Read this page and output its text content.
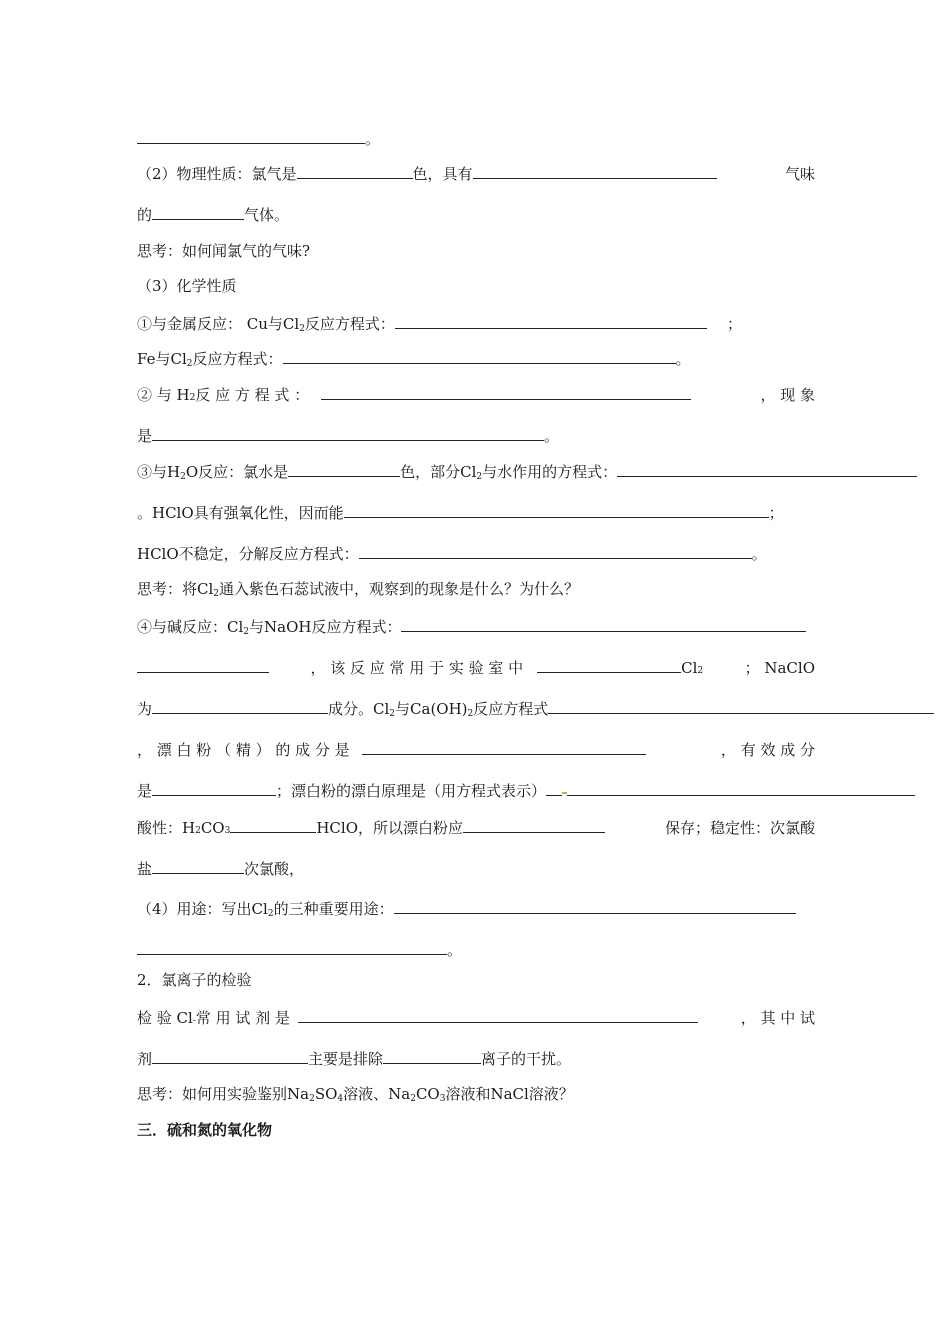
。
（2）物理性质：氯气是	色，具有	气味
的	气体。
思考：如何闻氯气的气味?
（3）化学性质
①与金属反应： Cu与$Cl_2$反应方程式：	；
Fe与$Cl_2$反应方程式：	。
② 与 H 2 反 应 方 程 式 ：	， 现 象
是	。
③与$H_2O$反应：氯水是	色，部分$Cl_2$与水作用的方程式：
。HClO具有强氧化性，因而能	；
HClO不稳定，分解反应方程式：	。
思考：将$Cl_2$通入紫色石蕊试液中，观察到的现象是什么？为什么？
④与碱反应：$Cl_2$与NaOH反应方程式：
， 该 反 应 常 用 于 实 验 室 中	Cl 2	； NaClO
为	成分。$Cl_2$与$Ca(OH)_2$反应方程式
， 漂 白 粉 （ 精 ） 的 成 分 是	， 有 效 成 分
是	；漂白粉的漂白原理是（用方程式表示）
酸性：H 2 CO 3	HClO，所以漂白粉应	保存；稳定性：次氯酸
盐	次氯酸，
（4）用途：写出$Cl_2$的三种重要用途：
。
2．氯离子的检验
检 验 Cl - 常 用 试 剂 是	， 其 中 试
剂	主要是排除	离子的干扰。
思考：如何用实验鉴别$Na_2SO_4$溶液、$Na_2CO_3$溶液和NaCl溶液？
三．硫和氮的氧化物
